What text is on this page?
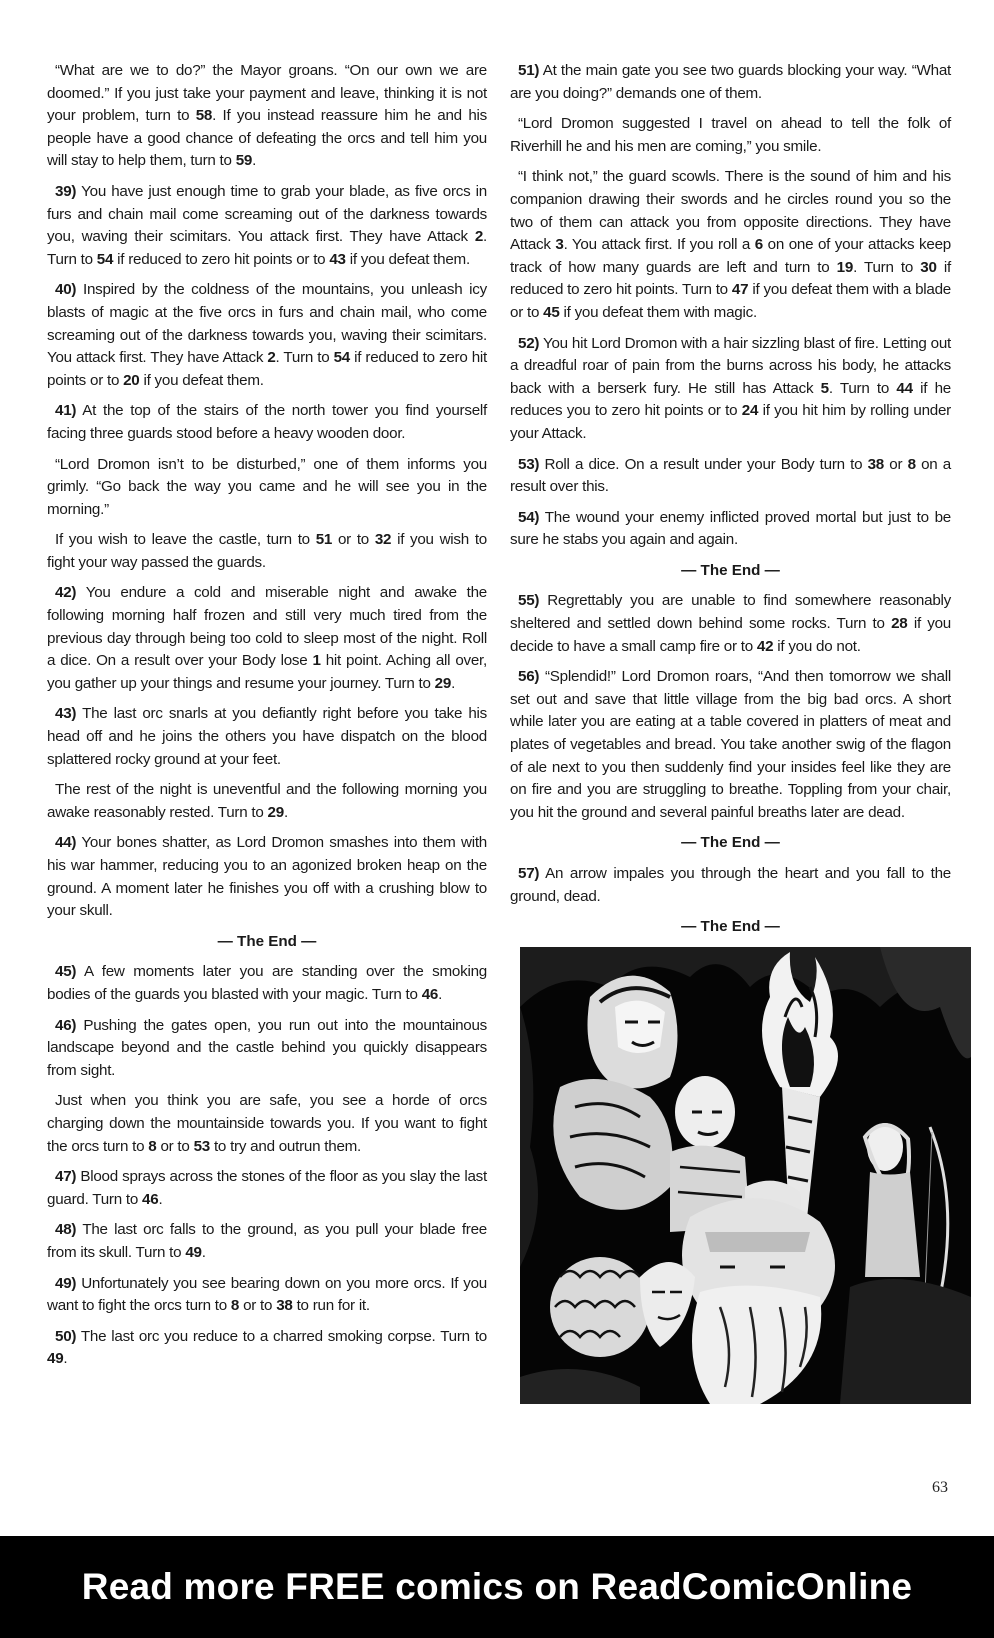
“What are we to do?” the Mayor groans. “On our own we are doomed.” If you just take your payment and leave, thinking it is not your problem, turn to 58. If you instead reassure him he and his people have a good chance of defeating the orcs and tell him you will stay to help them, turn to 59.

39) You have just enough time to grab your blade, as five orcs in furs and chain mail come screaming out of the darkness towards you, waving their scimitars. You attack first. They have Attack 2. Turn to 54 if reduced to zero hit points or to 43 if you defeat them.

40) Inspired by the coldness of the mountains, you unleash icy blasts of magic at the five orcs in furs and chain mail, who come screaming out of the darkness towards you, waving their scimitars. You attack first. They have Attack 2. Turn to 54 if reduced to zero hit points or to 20 if you defeat them.

41) At the top of the stairs of the north tower you find yourself facing three guards stood before a heavy wooden door.

“Lord Dromon isn’t to be disturbed,” one of them informs you grimly. “Go back the way you came and he will see you in the morning.”

If you wish to leave the castle, turn to 51 or to 32 if you wish to fight your way passed the guards.

42) You endure a cold and miserable night and awake the following morning half frozen and still very much tired from the previous day through being too cold to sleep most of the night. Roll a dice. On a result over your Body lose 1 hit point. Aching all over, you gather up your things and resume your journey. Turn to 29.

43) The last orc snarls at you defiantly right before you take his head off and he joins the others you have dispatch on the blood splattered rocky ground at your feet.

The rest of the night is uneventful and the following morning you awake reasonably rested. Turn to 29.

44) Your bones shatter, as Lord Dromon smashes into them with his war hammer, reducing you to an agonized broken heap on the ground. A moment later he finishes you off with a crushing blow to your skull.

— The End —

45) A few moments later you are standing over the smoking bodies of the guards you blasted with your magic. Turn to 46.

46) Pushing the gates open, you run out into the mountainous landscape beyond and the castle behind you quickly disappears from sight.

Just when you think you are safe, you see a horde of orcs charging down the mountainside towards you. If you want to fight the orcs turn to 8 or to 53 to try and outrun them.

47) Blood sprays across the stones of the floor as you slay the last guard. Turn to 46.

48) The last orc falls to the ground, as you pull your blade free from its skull. Turn to 49.

49) Unfortunately you see bearing down on you more orcs. If you want to fight the orcs turn to 8 or to 38 to run for it.

50) The last orc you reduce to a charred smoking corpse. Turn to 49.

51) At the main gate you see two guards blocking your way. “What are you doing?” demands one of them.

“Lord Dromon suggested I travel on ahead to tell the folk of Riverhill he and his men are coming,” you smile.

“I think not,” the guard scowls. There is the sound of him and his companion drawing their swords and he circles round you so the two of them can attack you from opposite directions. They have Attack 3. You attack first. If you roll a 6 on one of your attacks keep track of how many guards are left and turn to 19. Turn to 30 if reduced to zero hit points. Turn to 47 if you defeat them with a blade or to 45 if you defeat them with magic.

52) You hit Lord Dromon with a hair sizzling blast of fire. Letting out a dreadful roar of pain from the burns across his body, he attacks back with a berserk fury. He still has Attack 5. Turn to 44 if he reduces you to zero hit points or to 24 if you hit him by rolling under your Attack.

53) Roll a dice. On a result under your Body turn to 38 or 8 on a result over this.

54) The wound your enemy inflicted proved mortal but just to be sure he stabs you again and again.

— The End —

55) Regrettably you are unable to find somewhere reasonably sheltered and settled down behind some rocks. Turn to 28 if you decide to have a small camp fire or to 42 if you do not.

56) “Splendid!” Lord Dromon roars, “And then tomorrow we shall set out and save that little village from the big bad orcs. A short while later you are eating at a table covered in platters of meat and plates of vegetables and bread. You take another swig of the flagon of ale next to you then suddenly find your insides feel like they are on fire and you are struggling to breathe. Toppling from your chair, you hit the ground and several painful breaths later are dead.

— The End —

57) An arrow impales you through the heart and you fall to the ground, dead.

— The End —

63
Read more FREE comics on ReadComicOnline
